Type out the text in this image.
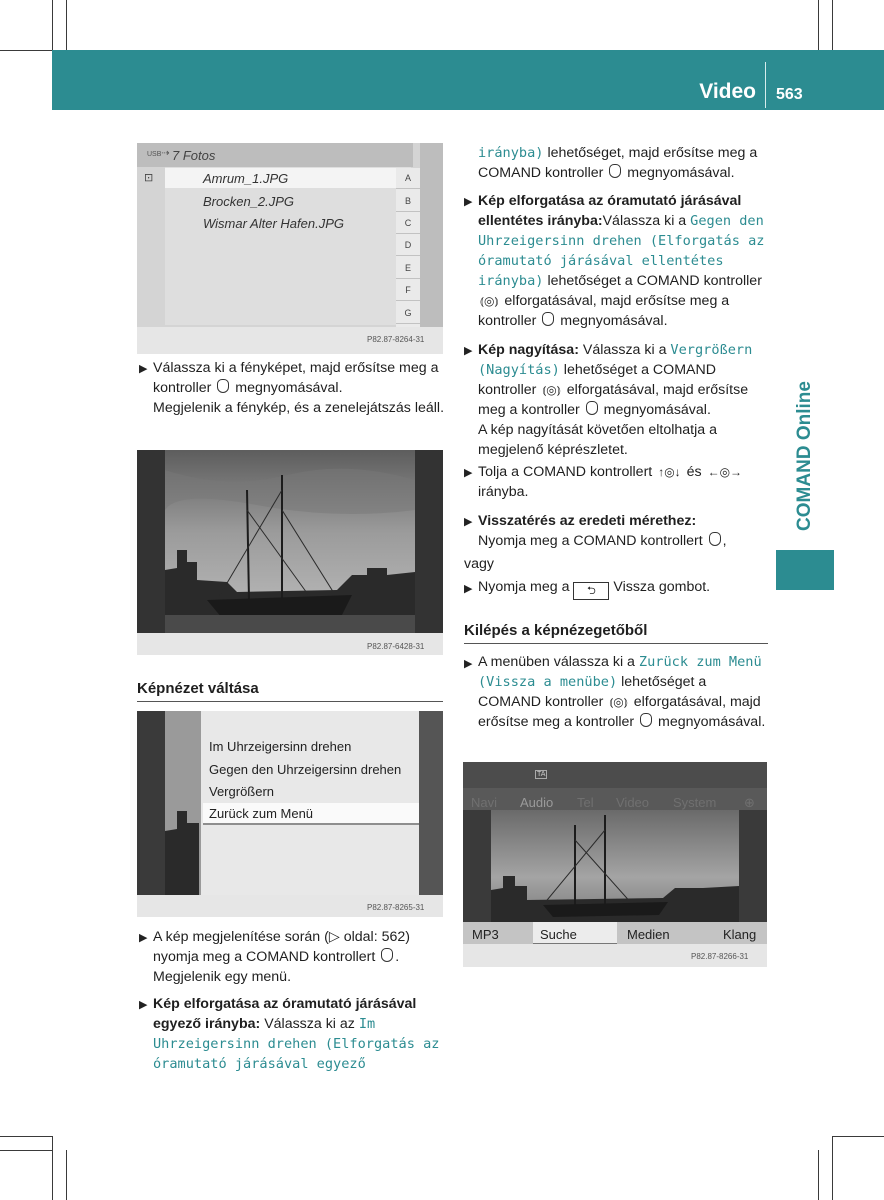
Video 563
COMAND Online
USB⇢ 7 Fotos
⊡	Amrum_1.JPG
Brocken_2.JPG
Wismar Alter Hafen.JPG
A
B
C
D
E
F
G
P82.87-8264-31
▶ Válassza ki a fényképet, majd erősítse meg a kontroller megnyomásával.
Megjelenik a fénykép, és a zenelejátszás leáll.

P82.87-6428-31
Képnézet váltása
Im Uhrzeigersinn drehen
Gegen den Uhrzeigersinn drehen
Vergrößern
Zurück zum Menü
P82.87-8265-31
▶ A kép megjelenítése során (▷ oldal: 562) nyomja meg a COMAND kontrollert .
Megjelenik egy menü.

▶ Kép elforgatása az óramutató járásával egyező irányba: Válassza ki az Im Uhrzeigersinn drehen (Elforgatás az óramutató járásával egyező

irányba) lehetőséget, majd erősítse meg a COMAND kontroller megnyomásával.

▶ Kép elforgatása az óramutató járásával ellentétes irányba:Válassza ki a Gegen den Uhrzeigersinn drehen (Elforgatás az óramutató járásával ellentétes irányba) lehetőséget a COMAND kontroller ⦅◎⦆ elforgatásával, majd erősítse meg a kontroller megnyomásával.

▶ Kép nagyítása: Válassza ki a Vergrößern (Nagyítás) lehetőséget a COMAND kontroller ⦅◎⦆ elforgatásával, majd erősítse meg a kontroller megnyomásával.
A kép nagyítását követően eltolhatja a megjelenő képrészletet.

▶ Tolja a COMAND kontrollert ↑◎↓ és ←◎→ irányba.

▶ Visszatérés az eredeti mérethez:
Nyomja meg a COMAND kontrollert ,

vagy

▶ Nyomja meg a ⮌ Vissza gombot.

Kilépés a képnézegetőből
▶ A menüben válassza ki a Zurück zum Menü (Vissza a menübe) lehetőséget a COMAND kontroller ⦅◎⦆ elforgatásával, majd erősítse meg a kontroller megnyomásával.

TA
Navi Audio Tel Video System ⊕
MP3	Suche	Medien	Klang
P82.87-8266-31
